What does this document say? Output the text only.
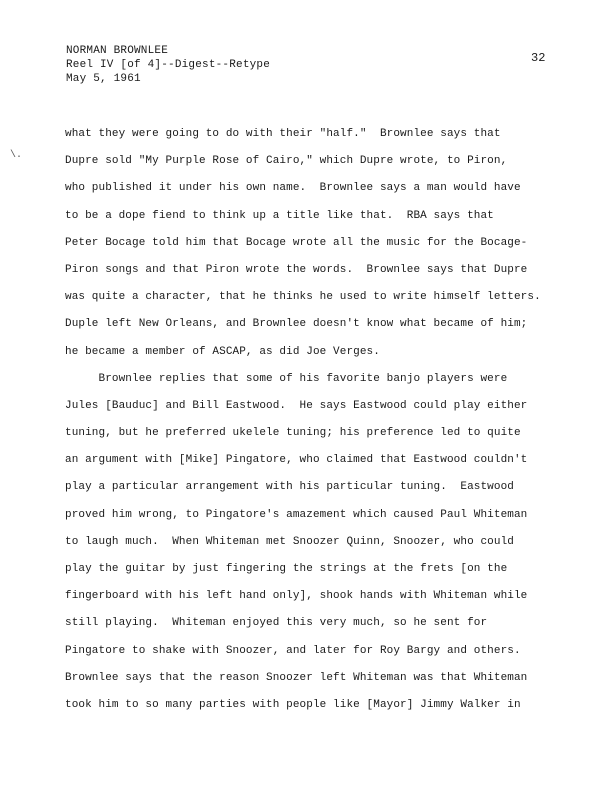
NORMAN BROWNLEE
Reel IV [of 4]--Digest--Retype
May 5, 1961
32
\.
what they were going to do with their "half."  Brownlee says that
Dupre sold "My Purple Rose of Cairo," which Dupre wrote, to Piron,
who published it under his own name.  Brownlee says a man would have
to be a dope fiend to think up a title like that.  RBA says that
Peter Bocage told him that Bocage wrote all the music for the Bocage-
Piron songs and that Piron wrote the words.  Brownlee says that Dupre
was quite a character, that he thinks he used to write himself letters.
Duple left New Orleans, and Brownlee doesn't know what became of him;
he became a member of ASCAP, as did Joe Verges.
Brownlee replies that some of his favorite banjo players were
Jules [Bauduc] and Bill Eastwood.  He says Eastwood could play either
tuning, but he preferred ukelele tuning; his preference led to quite
an argument with [Mike] Pingatore, who claimed that Eastwood couldn't
play a particular arrangement with his particular tuning.  Eastwood
proved him wrong, to Pingatore's amazement which caused Paul Whiteman
to laugh much.  When Whiteman met Snoozer Quinn, Snoozer, who could
play the guitar by just fingering the strings at the frets [on the
fingerboard with his left hand only], shook hands with Whiteman while
still playing.  Whiteman enjoyed this very much, so he sent for
Pingatore to shake with Snoozer, and later for Roy Bargy and others.
Brownlee says that the reason Snoozer left Whiteman was that Whiteman
took him to so many parties with people like [Mayor] Jimmy Walker in
